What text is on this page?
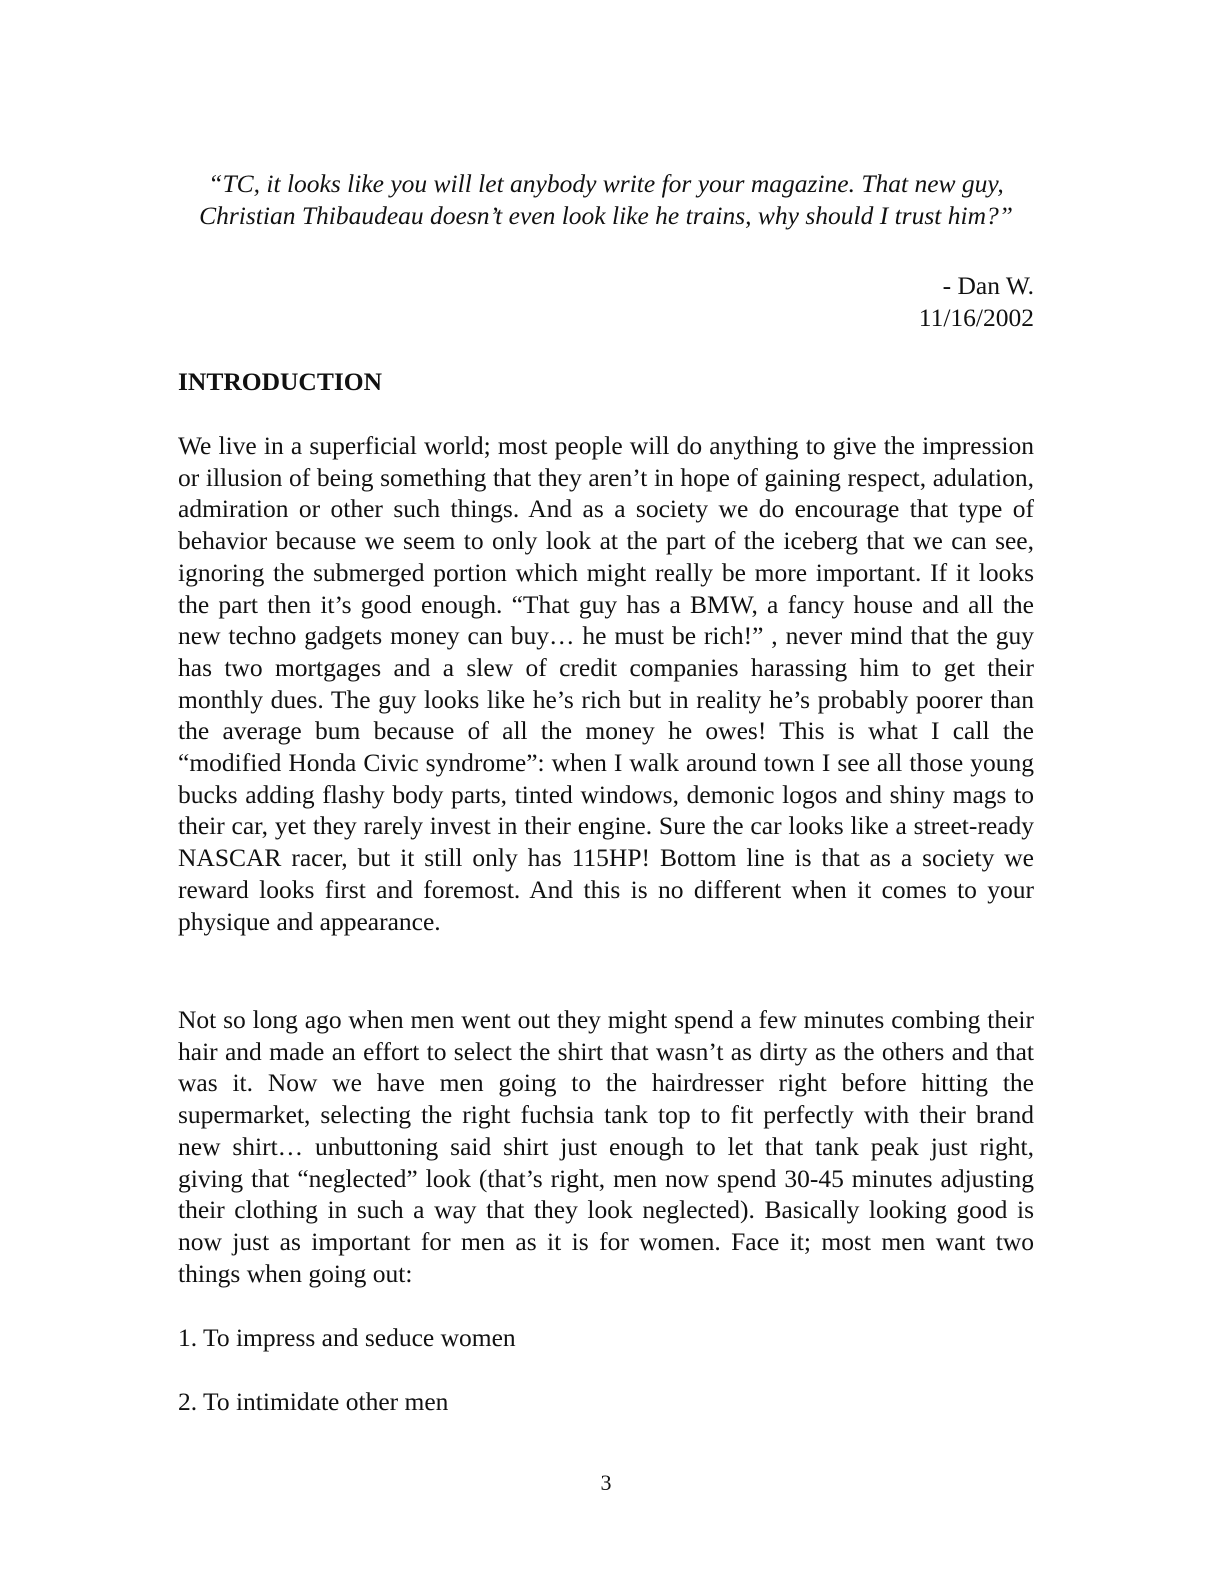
“TC, it looks like you will let anybody write for your magazine. That new guy, Christian Thibaudeau doesn’t even look like he trains, why should I trust him?”

- Dan W.
11/16/2002
INTRODUCTION

We live in a superficial world; most people will do anything to give the impression or illusion of being something that they aren’t in hope of gaining respect, adulation, admiration or other such things. And as a society we do encourage that type of behavior because we seem to only look at the part of the iceberg that we can see, ignoring the submerged portion which might really be more important. If it looks the part then it’s good enough. “That guy has a BMW, a fancy house and all the new techno gadgets money can buy… he must be rich!” , never mind that the guy has two mortgages and a slew of credit companies harassing him to get their monthly dues. The guy looks like he’s rich but in reality he’s probably poorer than the average bum because of all the money he owes! This is what I call the “modified Honda Civic syndrome”: when I walk around town I see all those young bucks adding flashy body parts, tinted windows, demonic logos and shiny mags to their car, yet they rarely invest in their engine. Sure the car looks like a street-ready NASCAR racer, but it still only has 115HP! Bottom line is that as a society we reward looks first and foremost. And this is no different when it comes to your physique and appearance.

Not so long ago when men went out they might spend a few minutes combing their hair and made an effort to select the shirt that wasn’t as dirty as the others and that was it. Now we have men going to the hairdresser right before hitting the supermarket, selecting the right fuchsia tank top to fit perfectly with their brand new shirt… unbuttoning said shirt just enough to let that tank peak just right, giving that “neglected” look (that’s right, men now spend 30-45 minutes adjusting their clothing in such a way that they look neglected). Basically looking good is now just as important for men as it is for women. Face it; most men want two things when going out:

1. To impress and seduce women

2. To intimidate other men

3
